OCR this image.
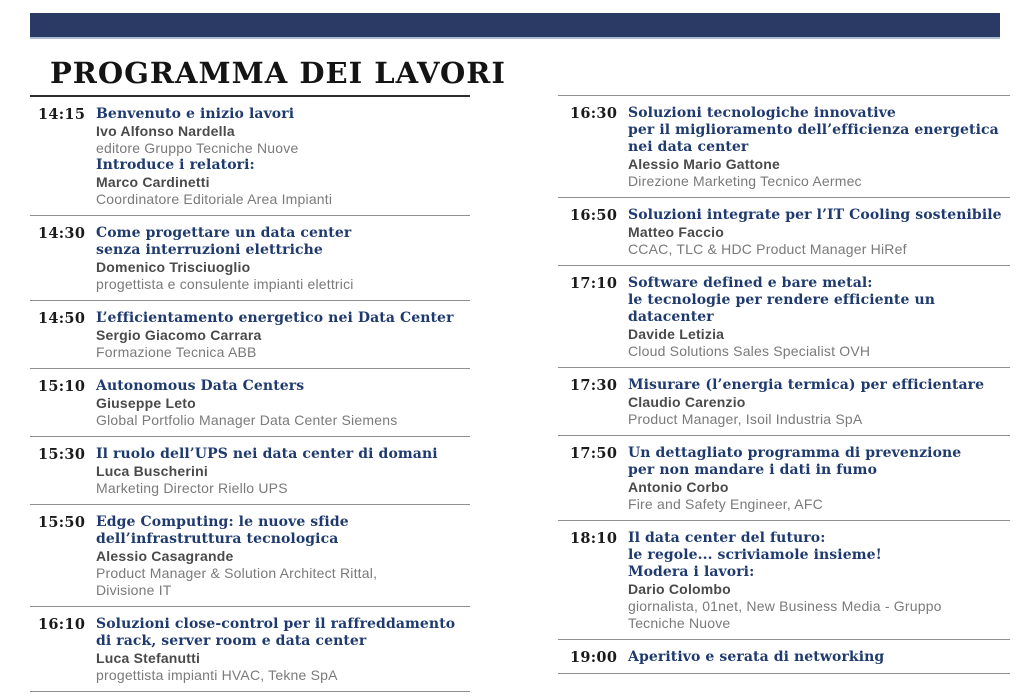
PROGRAMMA DEI LAVORI
14:15 Benvenuto e inizio lavori
Ivo Alfonso Nardella
editore Gruppo Tecniche Nuove
Introduce i relatori:
Marco Cardinetti
Coordinatore Editoriale Area Impianti
14:30 Come progettare un data center
senza interruzioni elettriche
Domenico Trisciuoglio
progettista e consulente impianti elettrici
14:50 L’efficientamento energetico nei Data Center
Sergio Giacomo Carrara
Formazione Tecnica ABB
15:10 Autonomous Data Centers
Giuseppe Leto
Global Portfolio Manager Data Center Siemens
15:30 Il ruolo dell’UPS nei data center di domani
Luca Buscherini
Marketing Director Riello UPS
15:50 Edge Computing: le nuove sfide
dell’infrastruttura tecnologica
Alessio Casagrande
Product Manager & Solution Architect Rittal,
Divisione IT
16:10 Soluzioni close-control per il raffreddamento
di rack, server room e data center
Luca Stefanutti
progettista impianti HVAC, Tekne SpA
16:30 Soluzioni tecnologiche innovative
per il miglioramento dell’efficienza energetica
nei data center
Alessio Mario Gattone
Direzione Marketing Tecnico Aermec
16:50 Soluzioni integrate per l’IT Cooling sostenibile
Matteo Faccio
CCAC, TLC & HDC Product Manager HiRef
17:10 Software defined e bare metal:
le tecnologie per rendere efficiente un datacenter
Davide Letizia
Cloud Solutions Sales Specialist OVH
17:30 Misurare (l’energia termica) per efficientare
Claudio Carenzio
Product Manager, Isoil Industria SpA
17:50 Un dettagliato programma di prevenzione
per non mandare i dati in fumo
Antonio Corbo
Fire and Safety Engineer, AFC
18:10 Il data center del futuro:
le regole... scriviamole insieme!
Modera i lavori:
Dario Colombo
giornalista, 01net, New Business Media - Gruppo
Tecniche Nuove
19:00 Aperitivo e serata di networking
